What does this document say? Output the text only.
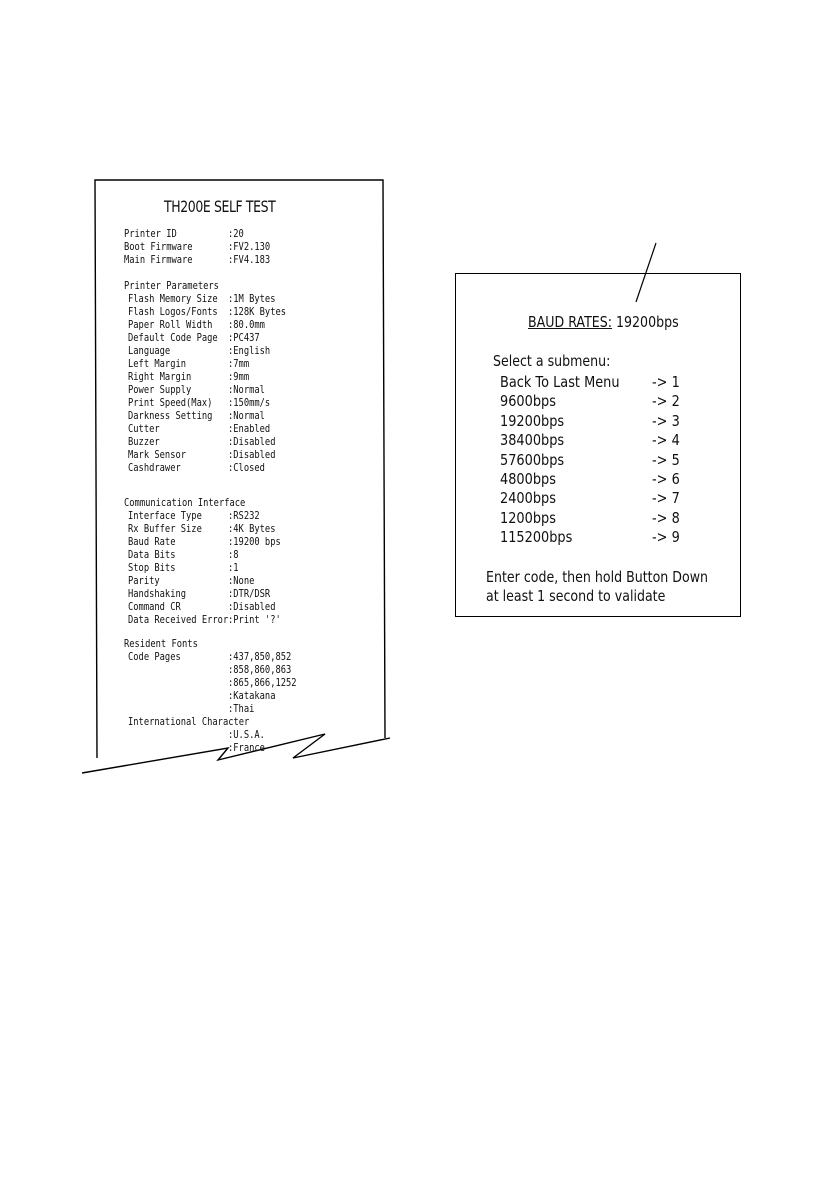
TH200E SELF TEST
Printer ID	:20
Boot Firmware	:FV2.130
Main Firmware	:FV4.183
Printer Parameters
Flash Memory Size :1M Bytes
Flash Logos/Fonts :128K Bytes
Paper Roll Width :80.0mm
Default Code Page :PC437
Language	:English
Left Margin	:7mm
Right Margin	:9mm
Power Supply	:Normal
Print Speed(Max) :150mm/s
Darkness Setting :Normal
Cutter	:Enabled
Buzzer	:Disabled
Mark Sensor	:Disabled
Cashdrawer	:Closed
Communication Interface
Interface Type	:RS232
Rx Buffer Size	:4K Bytes
Baud Rate	:19200 bps
Data Bits	:8
Stop Bits	:1
Parity	:None
Handshaking	:DTR/DSR
Command CR	:Disabled
Data Received Error :Print '?'
Resident Fonts
Code Pages	:437,850,852
:858,860,863
:865,866,1252
:Katakana
:Thai
International Character
:U.S.A.
:France
BAUD RATES: 19200bps
Select a submenu:
Back To Last Menu -> 1
9600bps	-> 2
19200bps	-> 3
38400bps	-> 4
57600bps	-> 5
4800bps	-> 6
2400bps	-> 7
1200bps	-> 8
115200bps	-> 9
Enter code, then hold Button Down
at least 1 second to validate
